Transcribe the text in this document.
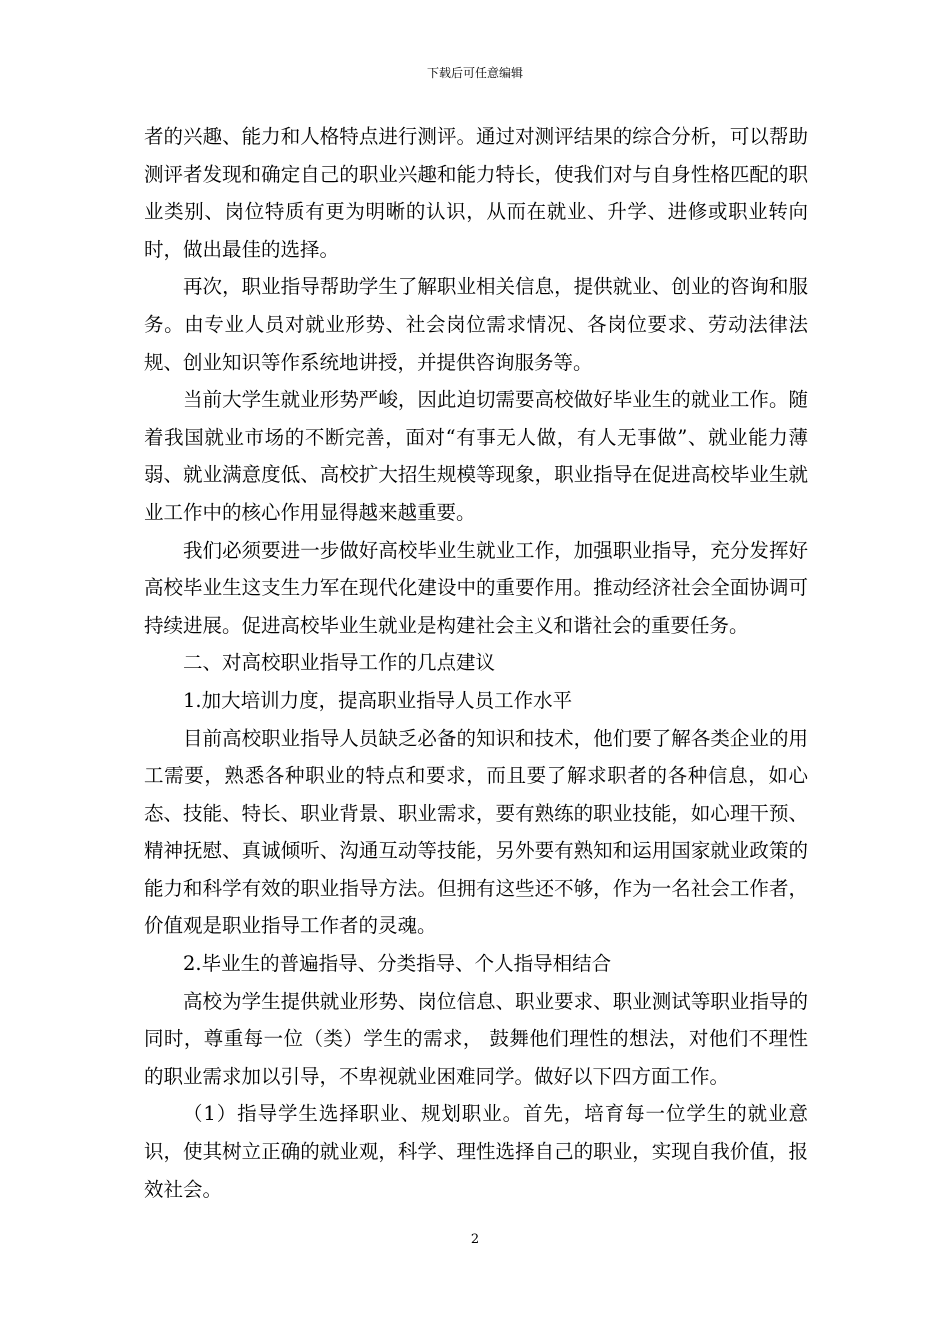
下载后可任意编辑

者的兴趣、能力和人格特点进行测评。通过对测评结果的综合分析，可以帮助测评者发现和确定自己的职业兴趣和能力特长，使我们对与自身性格匹配的职业类别、岗位特质有更为明晰的认识，从而在就业、升学、进修或职业转向时，做出最佳的选择。

再次，职业指导帮助学生了解职业相关信息，提供就业、创业的咨询和服务。由专业人员对就业形势、社会岗位需求情况、各岗位要求、劳动法律法规、创业知识等作系统地讲授，并提供咨询服务等。

当前大学生就业形势严峻，因此迫切需要高校做好毕业生的就业工作。随着我国就业市场的不断完善，面对“有事无人做，有人无事做”、就业能力薄弱、就业满意度低、高校扩大招生规模等现象，职业指导在促进高校毕业生就业工作中的核心作用显得越来越重要。

我们必须要进一步做好高校毕业生就业工作，加强职业指导，充分发挥好高校毕业生这支生力军在现代化建设中的重要作用。推动经济社会全面协调可持续进展。促进高校毕业生就业是构建社会主义和谐社会的重要任务。

二、对高校职业指导工作的几点建议

1.加大培训力度，提高职业指导人员工作水平

目前高校职业指导人员缺乏必备的知识和技术，他们要了解各类企业的用工需要，熟悉各种职业的特点和要求，而且要了解求职者的各种信息，如心态、技能、特长、职业背景、职业需求，要有熟练的职业技能，如心理干预、精神抚慰、真诚倾听、沟通互动等技能，另外要有熟知和运用国家就业政策的能力和科学有效的职业指导方法。但拥有这些还不够，作为一名社会工作者，价值观是职业指导工作者的灵魂。

2.毕业生的普遍指导、分类指导、个人指导相结合

高校为学生提供就业形势、岗位信息、职业要求、职业测试等职业指导的同时，尊重每一位（类）学生的需求， 鼓舞他们理性的想法，对他们不理性的职业需求加以引导，不卑视就业困难同学。做好以下四方面工作。

（1）指导学生选择职业、规划职业。首先，培育每一位学生的就业意识，使其树立正确的就业观，科学、理性选择自己的职业，实现自我价值，报效社会。

2
